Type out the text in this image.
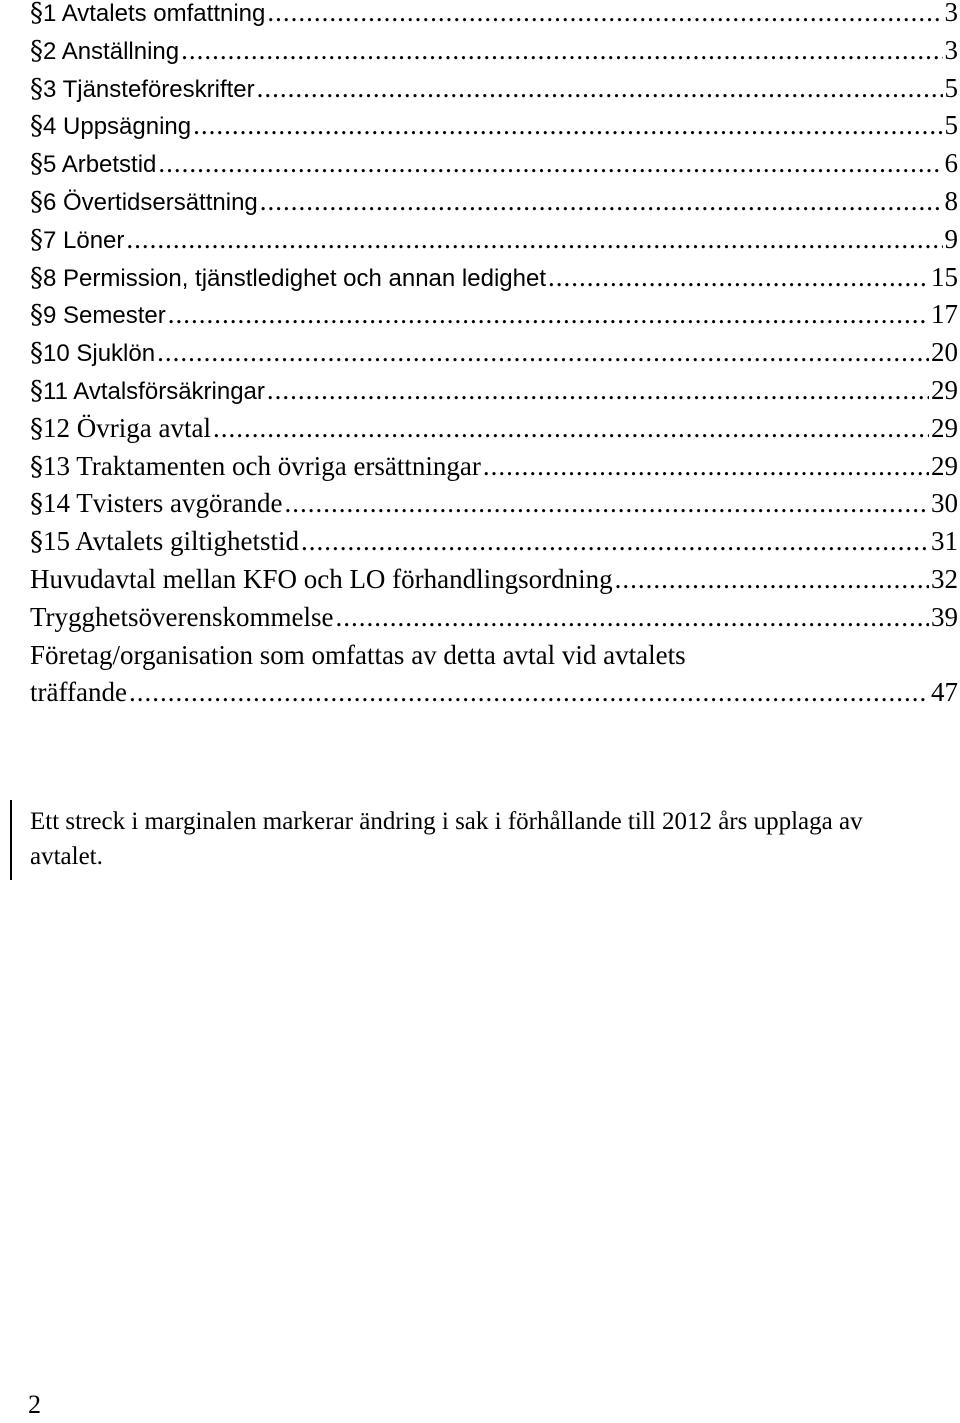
§ 1 Avtalets omfattning .....	3
§ 2 Anställning .....	3
§ 3 Tjänsteföreskrifter .....	5
§ 4 Uppsägning .....	5
§ 5 Arbetstid .....	6
§ 6 Övertidsersättning .....	8
§ 7 Löner .....	9
§ 8 Permission, tjänstledighet och annan ledighet .....	15
§ 9 Semester .....	17
§ 10 Sjuklön .....	20
§ 11 Avtalsförsäkringar .....	29
§ 12 Övriga avtal .....	29
§ 13 Traktamenten och övriga ersättningar .....	29
§ 14 Tvisters avgörande .....	30
§ 15 Avtalets giltighetstid .....	31
Huvudavtal mellan KFO och LO förhandlingsordning .....	32
Trygghetsöverenskommelse .....	39
Företag/organisation som omfattas av detta avtal vid avtalets
träffande .....	47
Ett streck i marginalen markerar ändring i sak i förhållande till 2012 års upplaga av avtalet.
2
